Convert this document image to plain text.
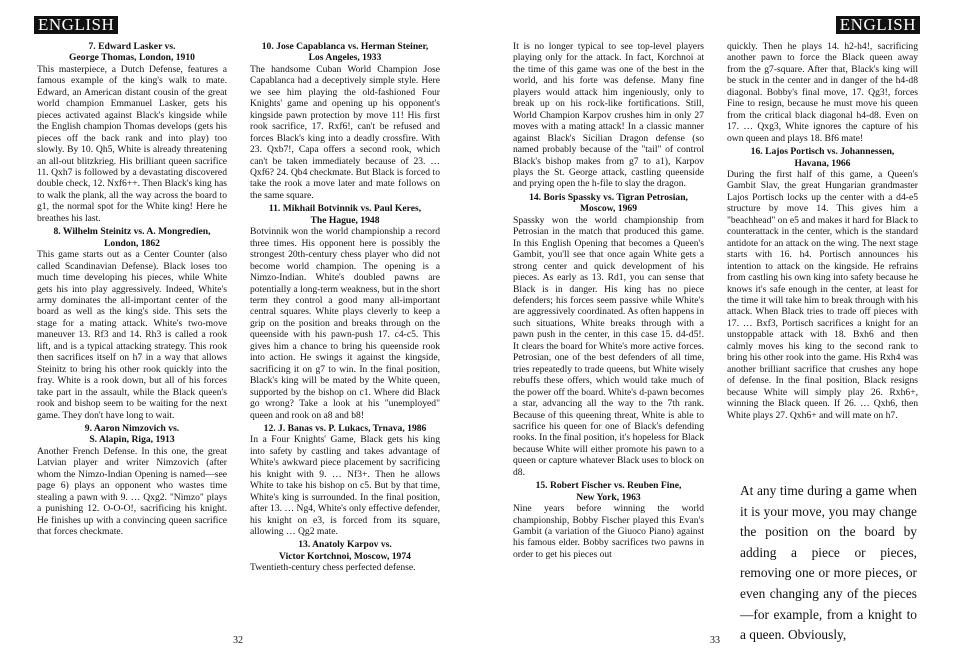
ENGLISH
7. Edward Lasker vs.
George Thomas, London, 1910

This masterpiece, a Dutch Defense, features a famous example of the king's walk to mate. Edward, an American distant cousin of the great world champion Emmanuel Lasker, gets his pieces activated against Black's kingside while the English champion Thomas develops (gets his pieces off the back rank and into play) too slowly. By 10. Qh5, White is already threatening an all-out blitzkrieg. His brilliant queen sacrifice 11. Qxh7 is followed by a devastating discovered double check, 12. Nxf6++. Then Black's king has to walk the plank, all the way across the board to g1, the normal spot for the White king! Here he breathes his last.

8. Wilhelm Steinitz vs. A. Mongredien,
London, 1862

This game starts out as a Center Counter (also called Scandinavian Defense). Black loses too much time developing his pieces, while White gets his into play aggressively. Indeed, White's army dominates the all-important center of the board as well as the king's side. This sets the stage for a mating attack. White's two-move maneuver 13. Rf3 and 14. Rh3 is called a rook lift, and is a typical attacking strategy. This rook then sacrifices itself on h7 in a way that allows Steinitz to bring his other rook quickly into the fray. White is a rook down, but all of his forces take part in the assault, while the Black queen's rook and bishop seem to be waiting for the next game. They don't have long to wait.

9. Aaron Nimzovich vs.
S. Alapin, Riga, 1913

Another French Defense. In this one, the great Latvian player and writer Nimzovich (after whom the Nimzo-Indian Opening is named—see page 6) plays an opponent who wastes time stealing a pawn with 9. … Qxg2. "Nimzo" plays a punishing 12. O-O-O!, sacrificing his knight. He finishes up with a convincing queen sacrifice that forces checkmate.

10. Jose Capablanca vs. Herman Steiner,
Los Angeles, 1933

The handsome Cuban World Champion Jose Capablanca had a deceptively simple style. Here we see him playing the old-fashioned Four Knights' game and opening up his opponent's kingside pawn protection by move 11! His first rook sacrifice, 17. Rxf6!, can't be refused and forces Black's king into a deadly crossfire. With 23. Qxb7!, Capa offers a second rook, which can't be taken immediately because of 23. … Qxf6? 24. Qb4 checkmate. But Black is forced to take the rook a move later and mate follows on the same square.

11. Mikhail Botvinnik vs. Paul Keres,
The Hague, 1948

Botvinnik won the world championship a record three times. His opponent here is possibly the strongest 20th-century chess player who did not become world champion. The opening is a Nimzo-Indian. White's doubled pawns are potentially a long-term weakness, but in the short term they control a good many all-important central squares. White plays cleverly to keep a grip on the position and breaks through on the queenside with his pawn-push 17. c4-c5. This gives him a chance to bring his queenside rook into action. He swings it against the kingside, sacrificing it on g7 to win. In the final position, Black's king will be mated by the White queen, supported by the bishop on c1. Where did Black go wrong? Take a look at his "unemployed" queen and rook on a8 and b8!

12. J. Banas vs. P. Lukacs, Trnava, 1986

In a Four Knights' Game, Black gets his king into safety by castling and takes advantage of White's awkward piece placement by sacrificing his knight with 9. … Nf3+. Then he allows White to take his bishop on c5. But by that time, White's king is surrounded. In the final position, after 13. … Ng4, White's only effective defender, his knight on e3, is forced from its square, allowing … Qg2 mate.

13. Anatoly Karpov vs.
Victor Kortchnoi, Moscow, 1974

Twentieth-century chess perfected defense.

32
ENGLISH

It is no longer typical to see top-level players playing only for the attack. In fact, Korchnoi at the time of this game was one of the best in the world, and his forte was defense. Many fine players would attack him ingeniously, only to break up on his rock-like fortifications. Still, World Champion Karpov crushes him in only 27 moves with a mating attack! In a classic manner against Black's Sicilian Dragon defense (so named probably because of the "tail" of control Black's bishop makes from g7 to a1), Karpov plays the St. George attack, castling queenside and prying open the h-file to slay the dragon.

14. Boris Spassky vs. Tigran Petrosian,
Moscow, 1969

Spassky won the world championship from Petrosian in the match that produced this game. In this English Opening that becomes a Queen's Gambit, you'll see that once again White gets a strong center and quick development of his pieces. As early as 13. Rd1, you can sense that Black is in danger. His king has no piece defenders; his forces seem passive while White's are aggressively coordinated. As often happens in such situations, White breaks through with a pawn push in the center, in this case 15. d4-d5!. It clears the board for White's more active forces. Petrosian, one of the best defenders of all time, tries repeatedly to trade queens, but White wisely rebuffs these offers, which would take much of the power off the board. White's d-pawn becomes a star, advancing all the way to the 7th rank. Because of this queening threat, White is able to sacrifice his queen for one of Black's defending rooks. In the final position, it's hopeless for Black because White will either promote his pawn to a queen or capture whatever Black uses to block on d8.

15. Robert Fischer vs. Reuben Fine,
New York, 1963

Nine years before winning the world championship, Bobby Fischer played this Evan's Gambit (a variation of the Giuoco Piano) against his famous elder. Bobby sacrifices two pawns in order to get his pieces out

quickly. Then he plays 14. h2-h4!, sacrificing another pawn to force the Black queen away from the g7-square. After that, Black's king will be stuck in the center and in danger of the h4-d8 diagonal. Bobby's final move, 17. Qg3!, forces Fine to resign, because he must move his queen from the critical black diagonal h4-d8. Even on 17. … Qxg3, White ignores the capture of his own queen and plays 18. Bf6 mate!

16. Lajos Portisch vs. Johannessen,
Havana, 1966

During the first half of this game, a Queen's Gambit Slav, the great Hungarian grandmaster Lajos Portisch locks up the center with a d4-e5 structure by move 14. This gives him a "beachhead" on e5 and makes it hard for Black to counterattack in the center, which is the standard antidote for an attack on the wing. The next stage starts with 16. h4. Portisch announces his intention to attack on the kingside. He refrains from castling his own king into safety because he knows it's safe enough in the center, at least for the time it will take him to break through with his attack. When Black tries to trade off pieces with 17. … Bxf3, Portisch sacrifices a knight for an unstoppable attack with 18. Bxh6 and then calmly moves his king to the second rank to bring his other rook into the game. His Rxh4 was another brilliant sacrifice that crushes any hope of defense. In the final position, Black resigns because White will simply play 26. Rxh6+, winning the Black queen. If 26. … Qxh6, then White plays 27. Qxh6+ and will mate on h7.

33

At any time during a game when it is your move, you may change the position on the board by adding a piece or pieces, removing one or more pieces, or even changing any of the pieces—for example, from a knight to a queen. Obviously,
